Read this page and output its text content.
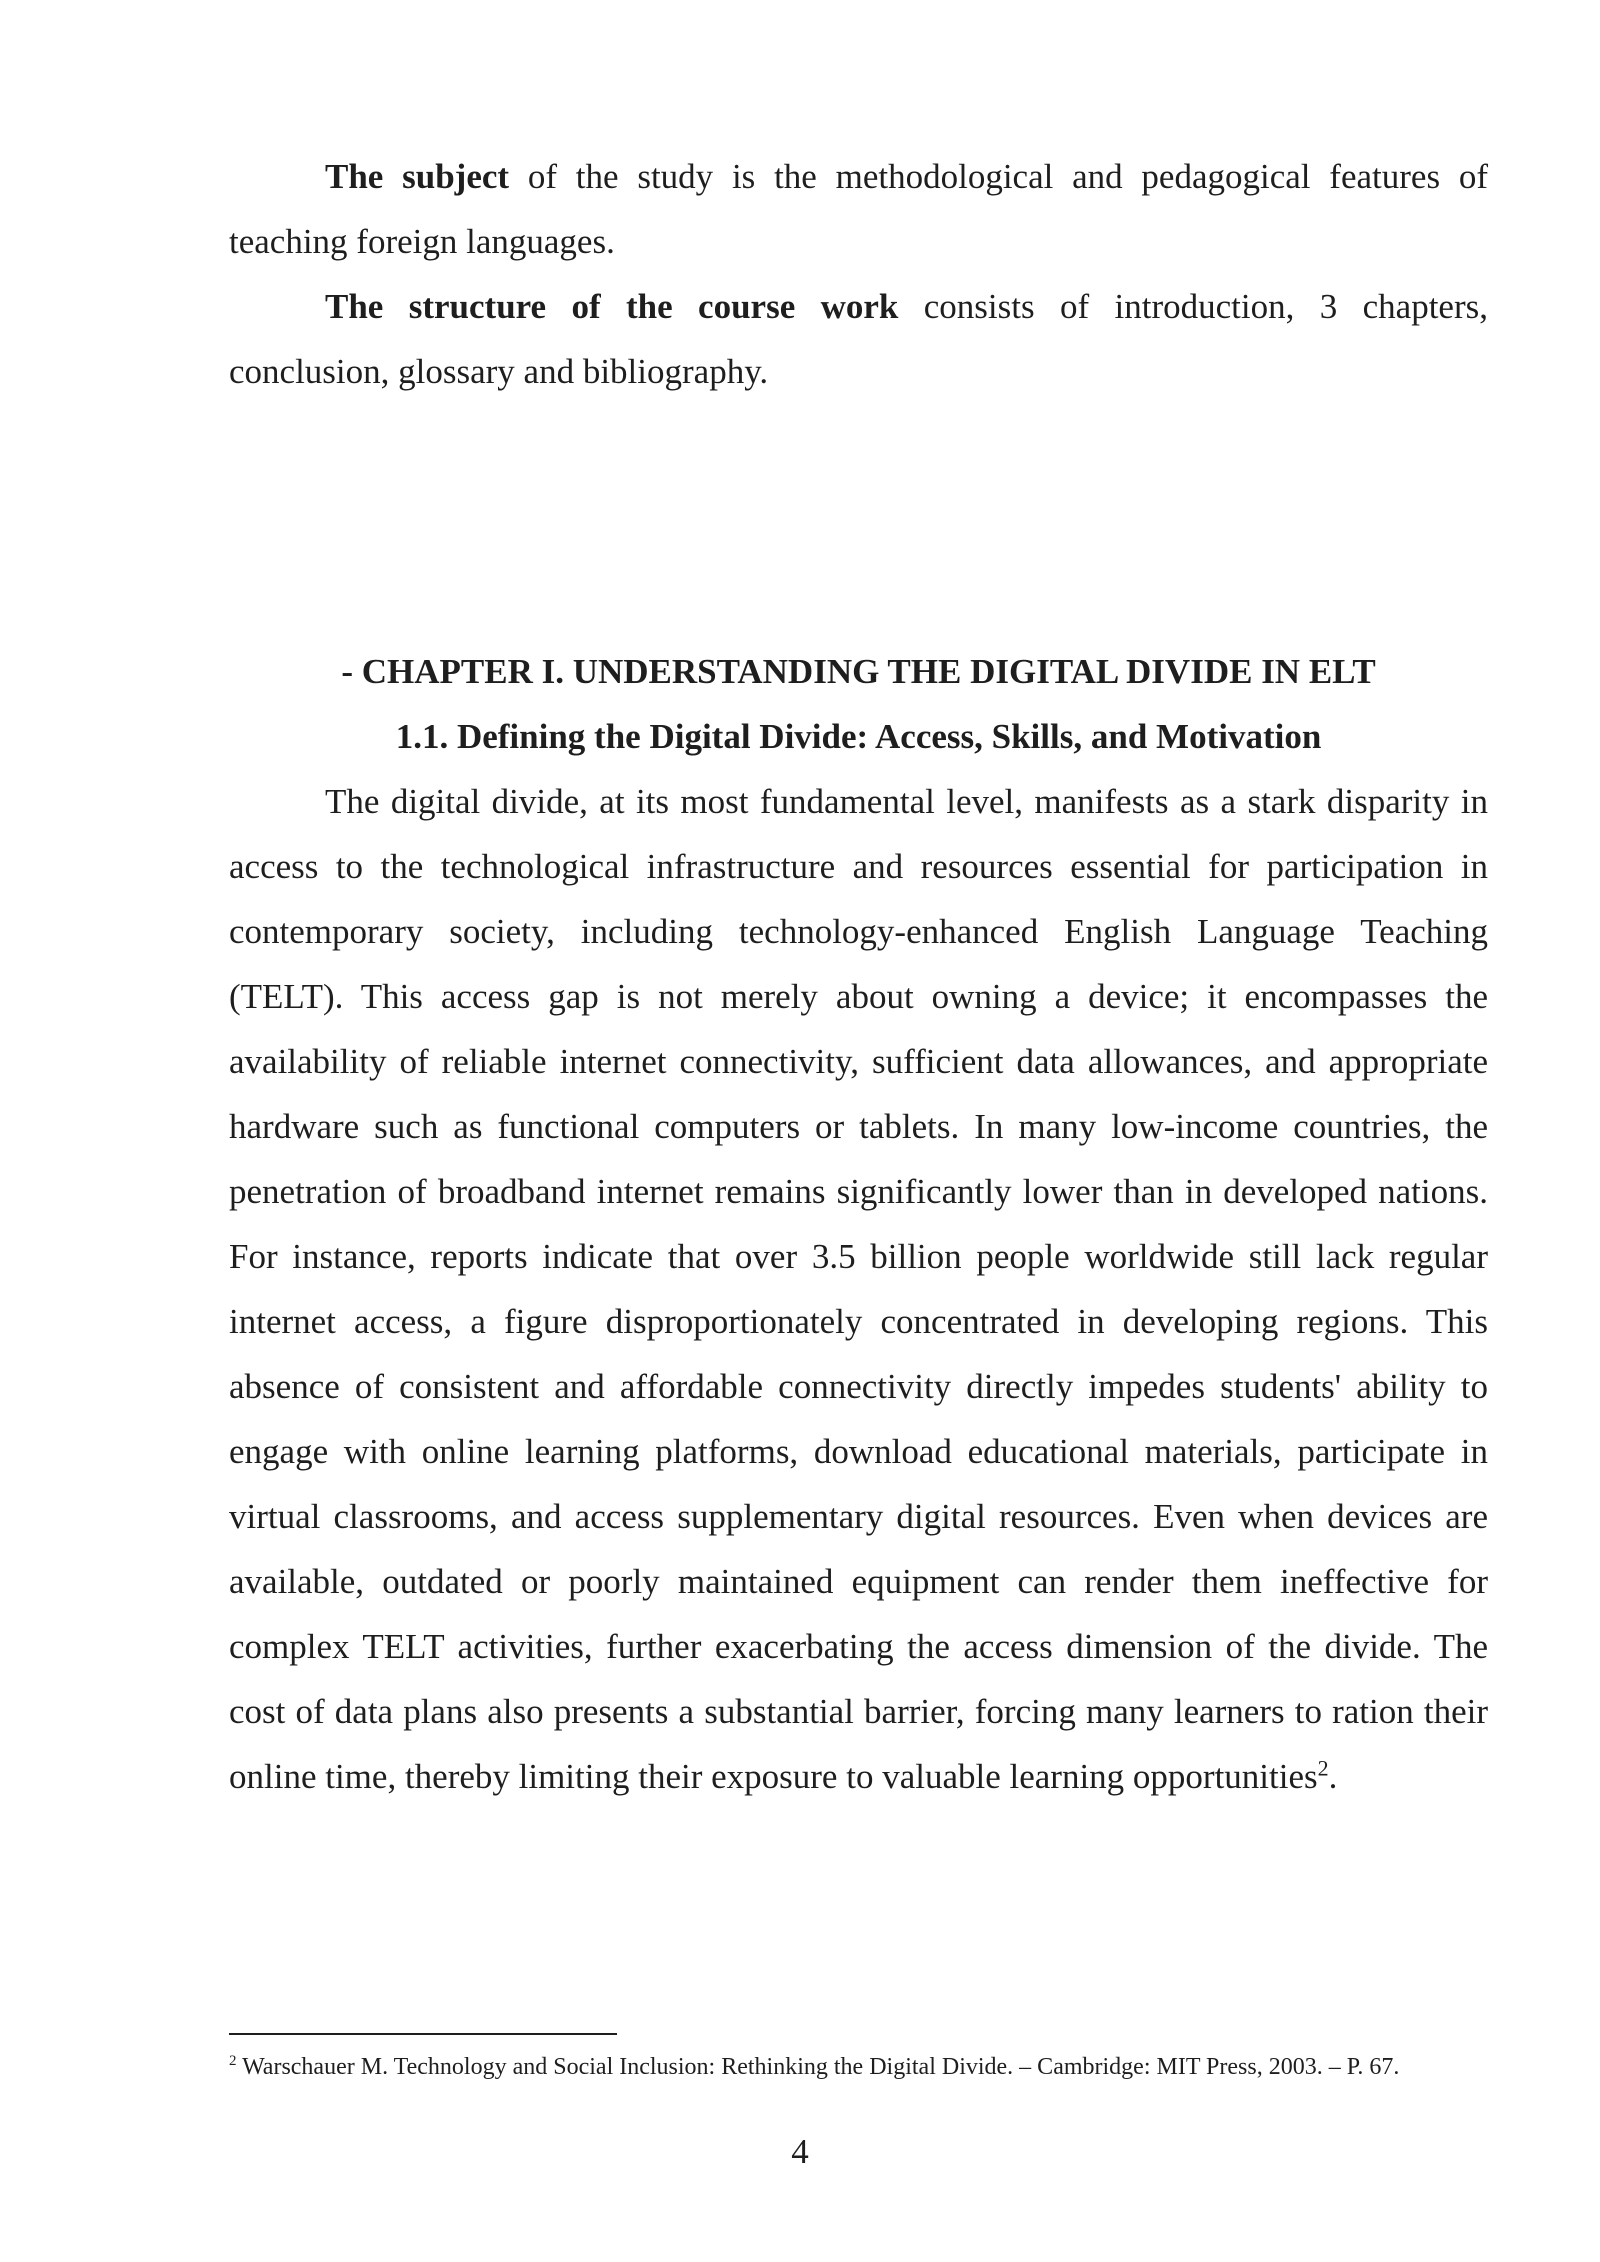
The subject of the study is the methodological and pedagogical features of teaching foreign languages.

The structure of the course work consists of introduction, 3 chapters, conclusion, glossary and bibliography.

- CHAPTER I. UNDERSTANDING THE DIGITAL DIVIDE IN ELT
1.1. Defining the Digital Divide: Access, Skills, and Motivation

The digital divide, at its most fundamental level, manifests as a stark disparity in access to the technological infrastructure and resources essential for participation in contemporary society, including technology-enhanced English Language Teaching (TELT). This access gap is not merely about owning a device; it encompasses the availability of reliable internet connectivity, sufficient data allowances, and appropriate hardware such as functional computers or tablets. In many low-income countries, the penetration of broadband internet remains significantly lower than in developed nations. For instance, reports indicate that over 3.5 billion people worldwide still lack regular internet access, a figure disproportionately concentrated in developing regions. This absence of consistent and affordable connectivity directly impedes students' ability to engage with online learning platforms, download educational materials, participate in virtual classrooms, and access supplementary digital resources. Even when devices are available, outdated or poorly maintained equipment can render them ineffective for complex TELT activities, further exacerbating the access dimension of the divide. The cost of data plans also presents a substantial barrier, forcing many learners to ration their online time, thereby limiting their exposure to valuable learning opportunities$^2$.

$^2$ Warschauer M. Technology and Social Inclusion: Rethinking the Digital Divide. – Cambridge: MIT Press, 2003. – P. 67.
4
